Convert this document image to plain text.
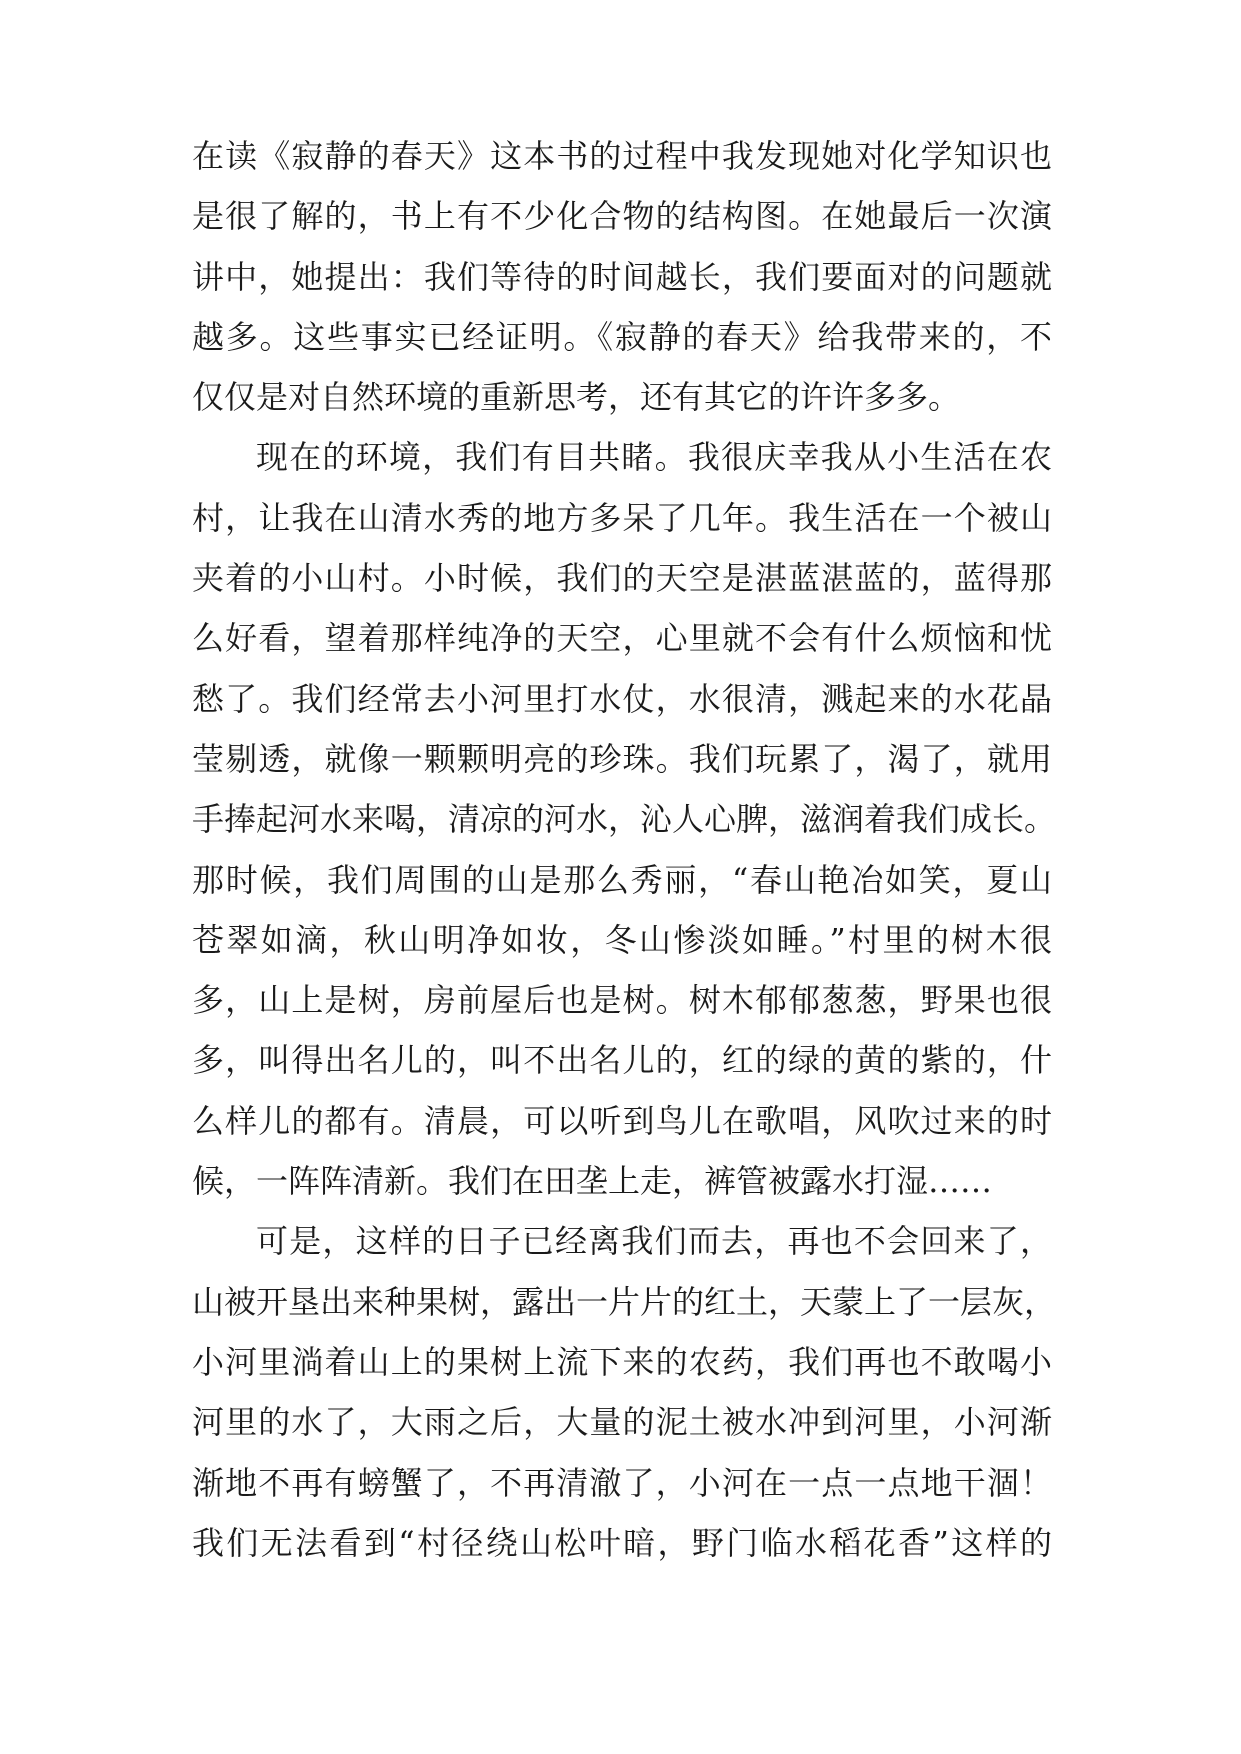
在读《寂静的春天》这本书的过程中我发现她对化学知识也
是很了解的，书上有不少化合物的结构图。在她最后一次演
讲中，她提出：我们等待的时间越长，我们要面对的问题就
越多。这些事实已经证明。《寂静的春天》给我带来的，不
仅仅是对自然环境的重新思考，还有其它的许许多多。
现在的环境，我们有目共睹。我很庆幸我从小生活在农
村，让我在山清水秀的地方多呆了几年。我生活在一个被山
夹着的小山村。小时候，我们的天空是湛蓝湛蓝的，蓝得那
么好看，望着那样纯净的天空，心里就不会有什么烦恼和忧
愁了。我们经常去小河里打水仗，水很清，溅起来的水花晶
莹剔透，就像一颗颗明亮的珍珠。我们玩累了，渴了，就用
手捧起河水来喝，清凉的河水，沁人心脾，滋润着我们成长。
那时候，我们周围的山是那么秀丽，“春山艳冶如笑，夏山
苍翠如滴，秋山明净如妆，冬山惨淡如睡。”村里的树木很
多，山上是树，房前屋后也是树。树木郁郁葱葱，野果也很
多，叫得出名儿的，叫不出名儿的，红的绿的黄的紫的，什
么样儿的都有。清晨，可以听到鸟儿在歌唱，风吹过来的时
候，一阵阵清新。我们在田垄上走，裤管被露水打湿……
可是，这样的日子已经离我们而去，再也不会回来了，
山被开垦出来种果树，露出一片片的红土，天蒙上了一层灰，
小河里淌着山上的果树上流下来的农药，我们再也不敢喝小
河里的水了，大雨之后，大量的泥土被水冲到河里，小河渐
渐地不再有螃蟹了，不再清澈了，小河在一点一点地干涸！
我们无法看到“村径绕山松叶暗，野门临水稻花香”这样的
